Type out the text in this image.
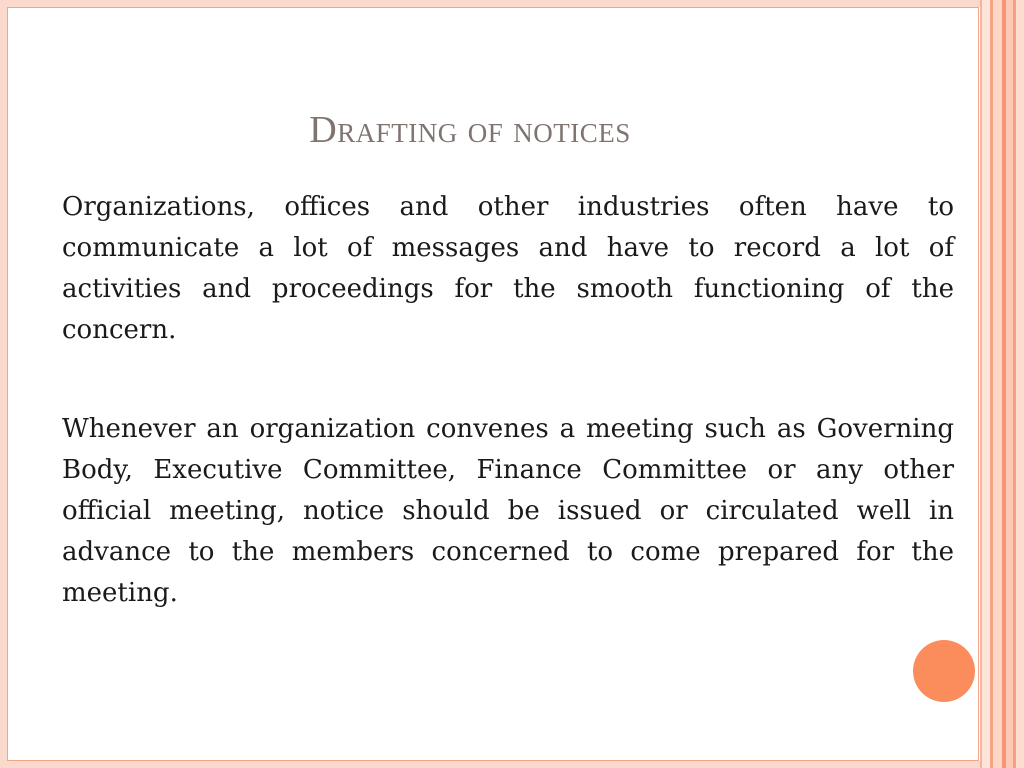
Drafting of notices
Organizations, offices and other industries often have to communicate a lot of messages and have to record a lot of activities and proceedings for the smooth functioning of the concern.
Whenever an organization convenes a meeting such as Governing Body, Executive Committee, Finance Committee or any other official meeting, notice should be issued or circulated well in advance to the members concerned to come prepared for the meeting.
